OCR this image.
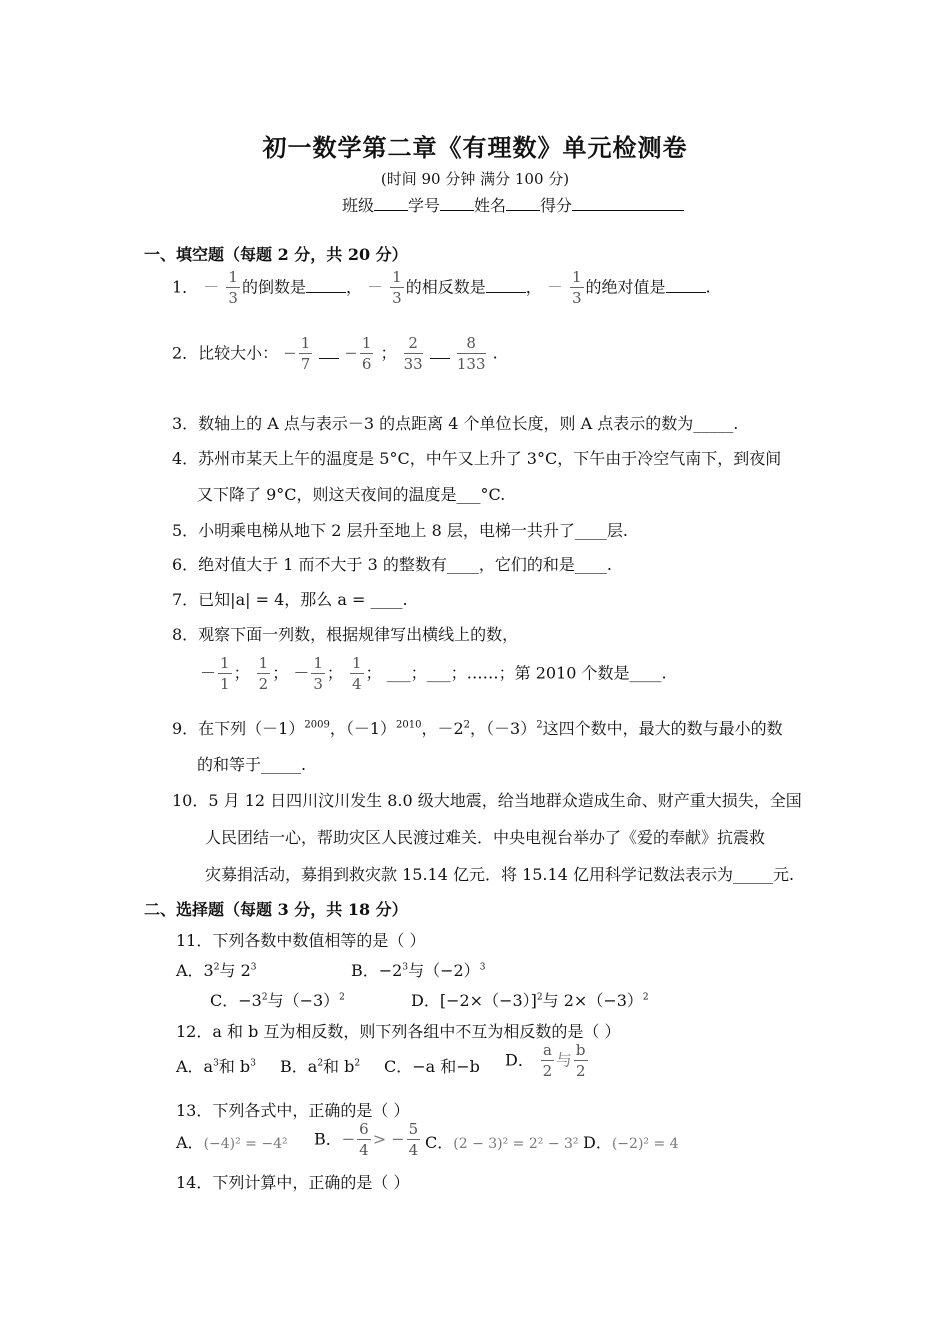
初一数学第二章《有理数》单元检测卷
(时间 90 分钟 满分 100 分)
班级 学号 姓名 得分
一、填空题（每题 2 分，共 20 分）
1． － $\frac{1}{3}$ 的倒数是	， － $\frac{1}{3}$ 的相反数是	， － $\frac{1}{3}$ 的绝对值是	.
2．比较大小： − $\frac{1}{7} - \frac{1}{6}$ ； $\frac{2}{33}$
$\frac{8}{133}$ .
3．数轴上的 A 点与表示－3 的点距离 4 个单位长度，则 A 点表示的数为_____.
4．苏州市某天上午的温度是 5°C，中午又上升了 3°C，下午由于冷空气南下，到夜间
又下降了 9°C，则这天夜间的温度是___°C.
5．小明乘电梯从地下 2 层升至地上 8 层，电梯一共升了____层.
6．绝对值大于 1 而不大于 3 的整数有____，它们的和是____.
7．已知|a| = 4，那么 a = ____.
8．观察下面一列数，根据规律写出横线上的数，
－ $\frac{1}{1}$ ； $\frac{1}{2}$ ； － $\frac{1}{3}$ ； $\frac{1}{4}$ ； ___；___；……；第 2010 个数是____.
9．在下列$(-1)^{2009}$，$(-1)^{2010}$，$-2^2$，$(-3)^2$这四个数中，最大的数与最小的数
的和等于_____.
10．5 月 12 日四川汶川发生 8.0 级大地震，给当地群众造成生命、财产重大损失，全国
人民团结一心，帮助灾区人民渡过难关．中央电视台举办了《爱的奉献》抗震救
灾募捐活动，募捐到救灾款 15.14 亿元．将 15.14 亿用科学记数法表示为_____元.
二、选择题（每题 3 分，共 18 分）
11．下列各数中数值相等的是（ ）
A．$3^2$与 $2^3$	B．$-2^3$与$(-2)^3$
C．$-3^2$与$(-3)^2$	D．$[-2\times(-3)]^2$与 $2\times(-3)^2$
12．a 和 b 互为相反数，则下列各组中不互为相反数的是（ ）
A．$a^3$和 $b^3$ B．$a^2$和 $b^2$ C．−a 和−b D． $\frac{a}{2}$ 与 $\frac{b}{2}$
13．下列各式中，正确的是（ ）
A．(−4)² = −4² B．− $\frac{6}{4}$ > − $\frac{5}{4}$ C．(2 − 3)² = 2² − 3² D．(−2)² = 4
14．下列计算中，正确的是（ ）
